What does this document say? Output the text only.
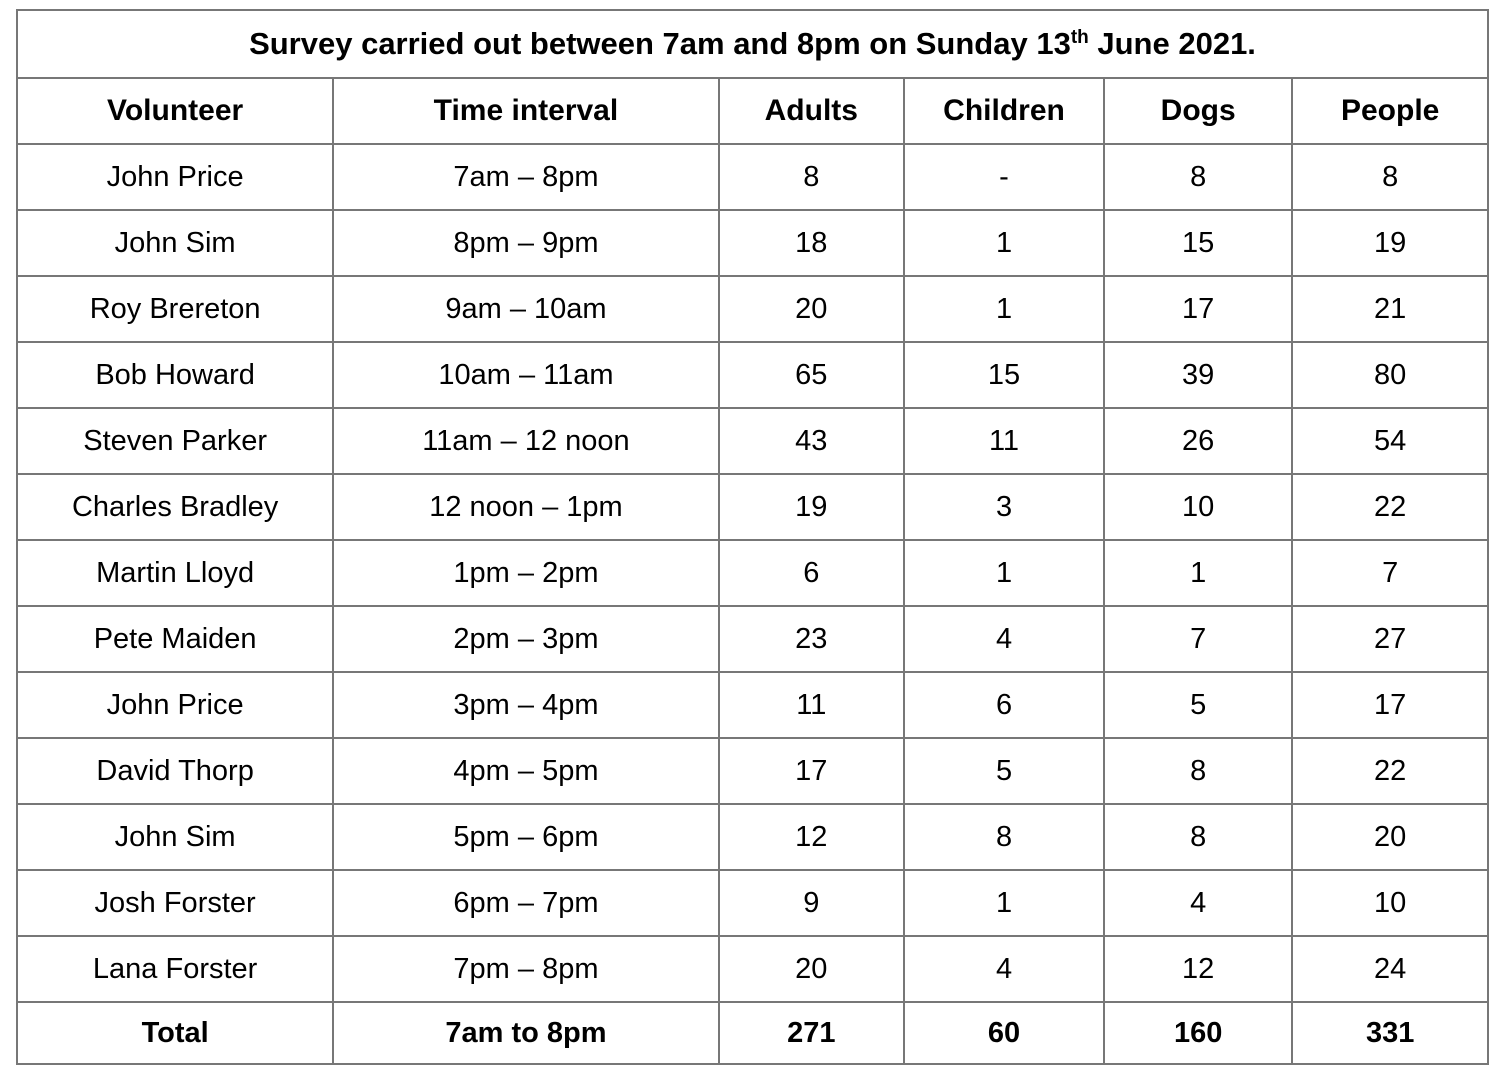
Survey carried out between 7am and 8pm on Sunday 13th June 2021.					
Volunteer	Time interval	Adults	Children	Dogs	People
John Price	7am – 8pm	8	-	8	8
John Sim	8pm – 9pm	18	1	15	19
Roy Brereton	9am – 10am	20	1	17	21
Bob Howard	10am – 11am	65	15	39	80
Steven Parker	11am – 12 noon	43	11	26	54
Charles Bradley	12 noon – 1pm	19	3	10	22
Martin Lloyd	1pm – 2pm	6	1	1	7
Pete Maiden	2pm – 3pm	23	4	7	27
John Price	3pm – 4pm	11	6	5	17
David Thorp	4pm – 5pm	17	5	8	22
John Sim	5pm – 6pm	12	8	8	20
Josh Forster	6pm – 7pm	9	1	4	10
Lana Forster	7pm – 8pm	20	4	12	24
Total	7am to 8pm	271	60	160	331
